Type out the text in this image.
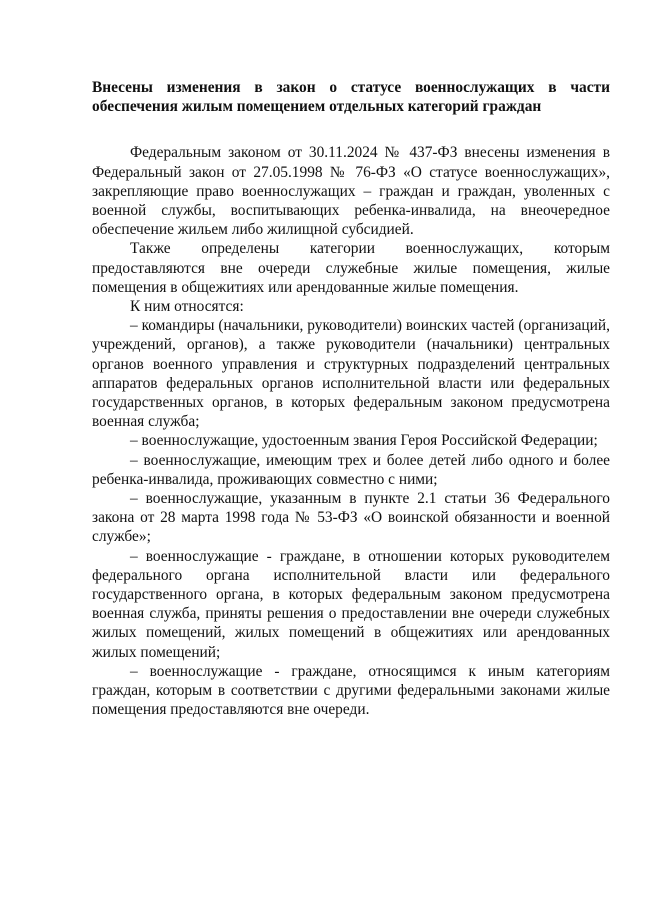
Внесены изменения в закон о статусе военнослужащих в части
обеспечения жилым помещением отдельных категорий граждан

Федеральным законом от 30.11.2024 № 437-ФЗ внесены изменения в Федеральный закон от 27.05.1998 № 76-ФЗ «О статусе военнослужащих», закрепляющие право военнослужащих – граждан и граждан, уволенных с военной службы, воспитывающих ребенка-инвалида, на внеочередное обеспечение жильем либо жилищной субсидией.

Также определены категории военнослужащих, которым предоставляются вне очереди служебные жилые помещения, жилые помещения в общежитиях или арендованные жилые помещения.

К ним относятся:

– командиры (начальники, руководители) воинских частей (организаций, учреждений, органов), а также руководители (начальники) центральных органов военного управления и структурных подразделений центральных аппаратов федеральных органов исполнительной власти или федеральных государственных органов, в которых федеральным законом предусмотрена военная служба;

– военнослужащие, удостоенным звания Героя Российской Федерации;

– военнослужащие, имеющим трех и более детей либо одного и более ребенка-инвалида, проживающих совместно с ними;

– военнослужащие, указанным в пункте 2.1 статьи 36 Федерального закона от 28 марта 1998 года № 53-ФЗ «О воинской обязанности и военной службе»;

– военнослужащие - граждане, в отношении которых руководителем федерального органа исполнительной власти или федерального государственного органа, в которых федеральным законом предусмотрена военная служба, приняты решения о предоставлении вне очереди служебных жилых помещений, жилых помещений в общежитиях или арендованных жилых помещений;

– военнослужащие - граждане, относящимся к иным категориям граждан, которым в соответствии с другими федеральными законами жилые помещения предоставляются вне очереди.
